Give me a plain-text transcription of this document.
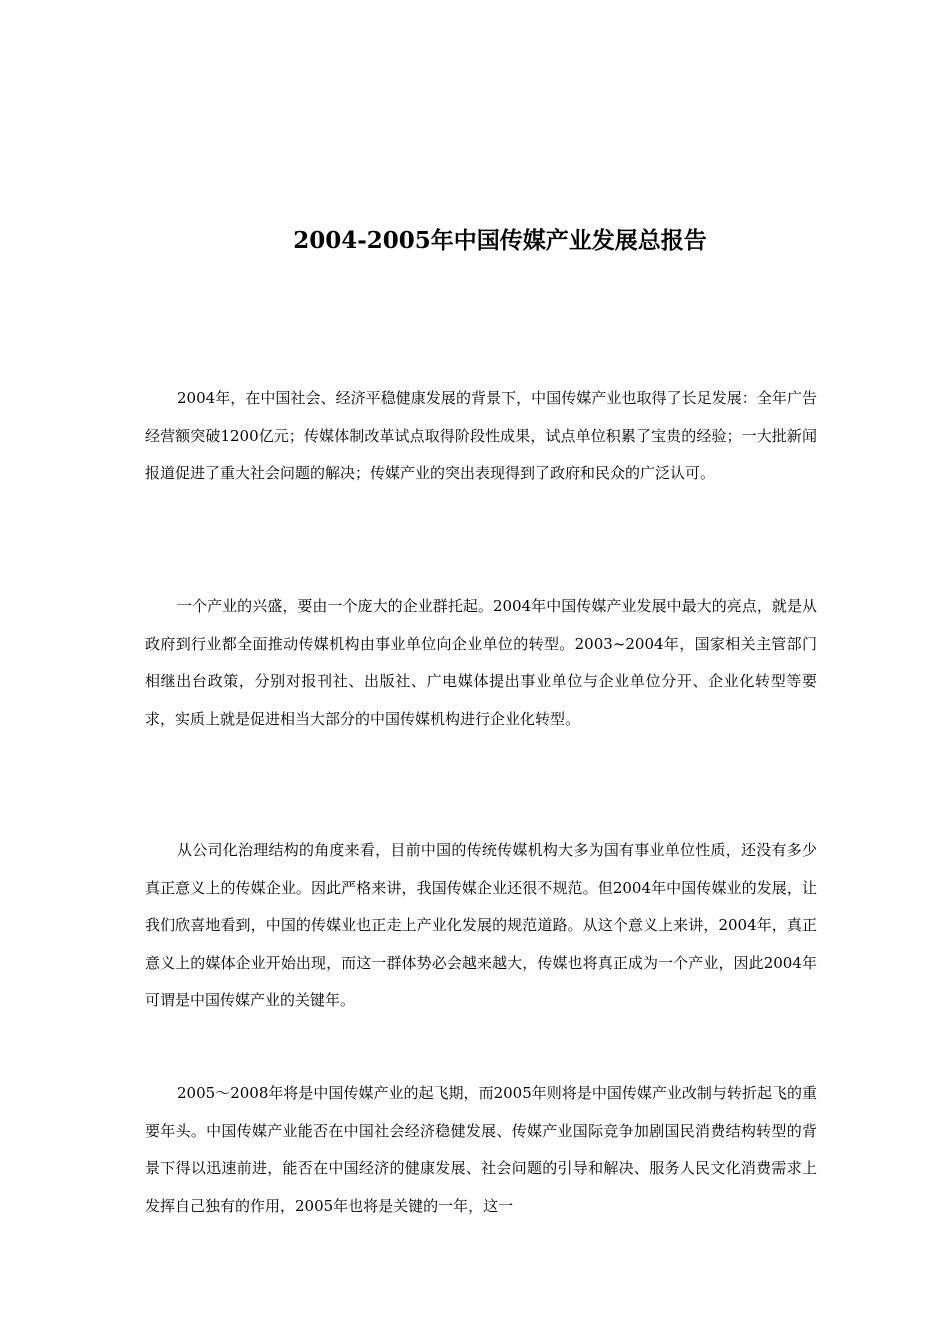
2004-2005年中国传媒产业发展总报告

2004年，在中国社会、经济平稳健康发展的背景下，中国传媒产业也取得了长足发展：全年广告经营额突破1200亿元；传媒体制改革试点取得阶段性成果，试点单位积累了宝贵的经验；一大批新闻报道促进了重大社会问题的解决；传媒产业的突出表现得到了政府和民众的广泛认可。

一个产业的兴盛，要由一个庞大的企业群托起。2004年中国传媒产业发展中最大的亮点，就是从政府到行业都全面推动传媒机构由事业单位向企业单位的转型。2003~2004年，国家相关主管部门相继出台政策，分别对报刊社、出版社、广电媒体提出事业单位与企业单位分开、企业化转型等要求，实质上就是促进相当大部分的中国传媒机构进行企业化转型。

从公司化治理结构的角度来看，目前中国的传统传媒机构大多为国有事业单位性质，还没有多少真正意义上的传媒企业。因此严格来讲，我国传媒企业还很不规范。但2004年中国传媒业的发展，让我们欣喜地看到，中国的传媒业也正走上产业化发展的规范道路。从这个意义上来讲，2004年，真正意义上的媒体企业开始出现，而这一群体势必会越来越大，传媒也将真正成为一个产业，因此2004年可谓是中国传媒产业的关键年。

2005～2008年将是中国传媒产业的起飞期，而2005年则将是中国传媒产业改制与转折起飞的重要年头。中国传媒产业能否在中国社会经济稳健发展、传媒产业国际竞争加剧国民消费结构转型的背景下得以迅速前进，能否在中国经济的健康发展、社会问题的引导和解决、服务人民文化消费需求上发挥自己独有的作用，2005年也将是关键的一年，这一
